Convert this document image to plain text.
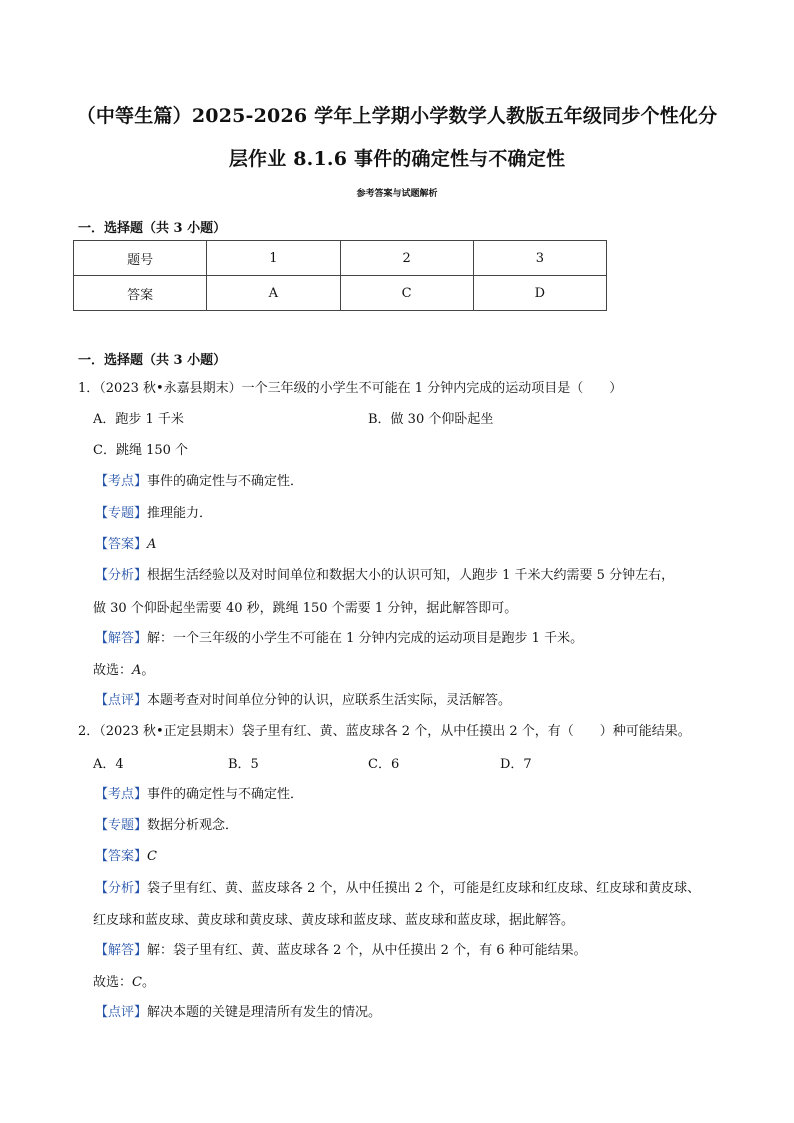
（中等生篇）2025-2026 学年上学期小学数学人教版五年级同步个性化分
层作业 8.1.6 事件的确定性与不确定性
参考答案与试题解析
一．选择题（共 3 小题）
题号	1	2	3
答案	A	C	D
一．选择题（共 3 小题）
1．（2023 秋•永嘉县期末）一个三年级的小学生不可能在 1 分钟内完成的运动项目是（　　）
A．跑步 1 千米	B．做 30 个仰卧起坐
C．跳绳 150 个
【考点】事件的确定性与不确定性．
【专题】推理能力．
【答案】A
【分析】根据生活经验以及对时间单位和数据大小的认识可知，人跑步 1 千米大约需要 5 分钟左右，
做 30 个仰卧起坐需要 40 秒，跳绳 150 个需要 1 分钟，据此解答即可。
【解答】解：一个三年级的小学生不可能在 1 分钟内完成的运动项目是跑步 1 千米。
故选：A。
【点评】本题考查对时间单位分钟的认识，应联系生活实际，灵活解答。
2．（2023 秋•正定县期末）袋子里有红、黄、蓝皮球各 2 个，从中任摸出 2 个，有（　　）种可能结果。
A．4	B．5	C．6	D．7
【考点】事件的确定性与不确定性．
【专题】数据分析观念．
【答案】C
【分析】袋子里有红、黄、蓝皮球各 2 个，从中任摸出 2 个，可能是红皮球和红皮球、红皮球和黄皮球、
红皮球和蓝皮球、黄皮球和黄皮球、黄皮球和蓝皮球、蓝皮球和蓝皮球，据此解答。
【解答】解：袋子里有红、黄、蓝皮球各 2 个，从中任摸出 2 个，有 6 种可能结果。
故选：C。
【点评】解决本题的关键是理清所有发生的情况。
